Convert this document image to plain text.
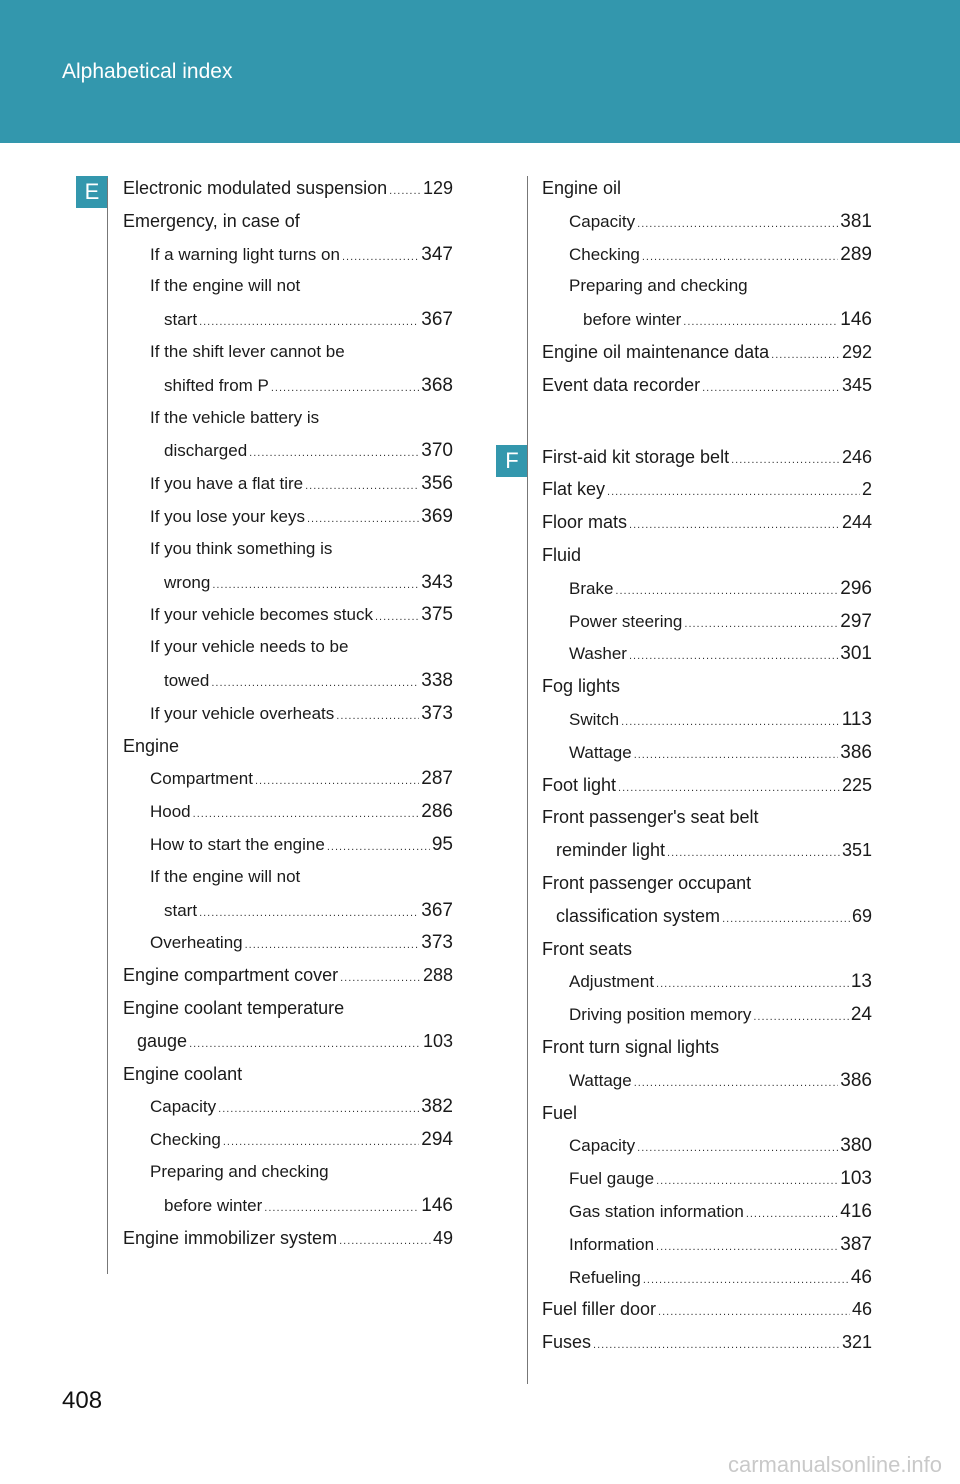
Alphabetical index
E
F
Electronic modulated suspension ..... 129
Emergency, in case of
If a warning light turns on .....	347
If the engine will not
start .....	367
If the shift lever cannot be
shifted from P .....	368
If the vehicle battery is
discharged .....	370
If you have a flat tire .....	356
If you lose your keys .....	369
If you think something is
wrong .....	343
If your vehicle becomes stuck .....	375
If your vehicle needs to be
towed .....	338
If your vehicle overheats .....	373
Engine
Compartment .....	287
Hood .....	286
How to start the engine .....	95
If the engine will not
start .....	367
Overheating .....	373
Engine compartment cover .....	288
Engine coolant temperature
gauge .....	103
Engine coolant
Capacity .....	382
Checking .....	294
Preparing and checking
before winter .....	146
Engine immobilizer system .....	49
Engine oil
Capacity .....	381
Checking .....	289
Preparing and checking
before winter .....	146
Engine oil maintenance data .....	292
Event data recorder .....	345
First-aid kit storage belt .....	246
Flat key .....	2
Floor mats .....	244
Fluid
Brake .....	296
Power steering .....	297
Washer .....	301
Fog lights
Switch .....	113
Wattage .....	386
Foot light .....	225
Front passenger's seat belt
reminder light .....	351
Front passenger occupant
classification system .....	69
Front seats
Adjustment .....	13
Driving position memory .....	24
Front turn signal lights
Wattage .....	386
Fuel
Capacity .....	380
Fuel gauge .....	103
Gas station information .....	416
Information .....	387
Refueling .....	46
Fuel filler door .....	46
Fuses .....	321
408
carmanualsonline.info
